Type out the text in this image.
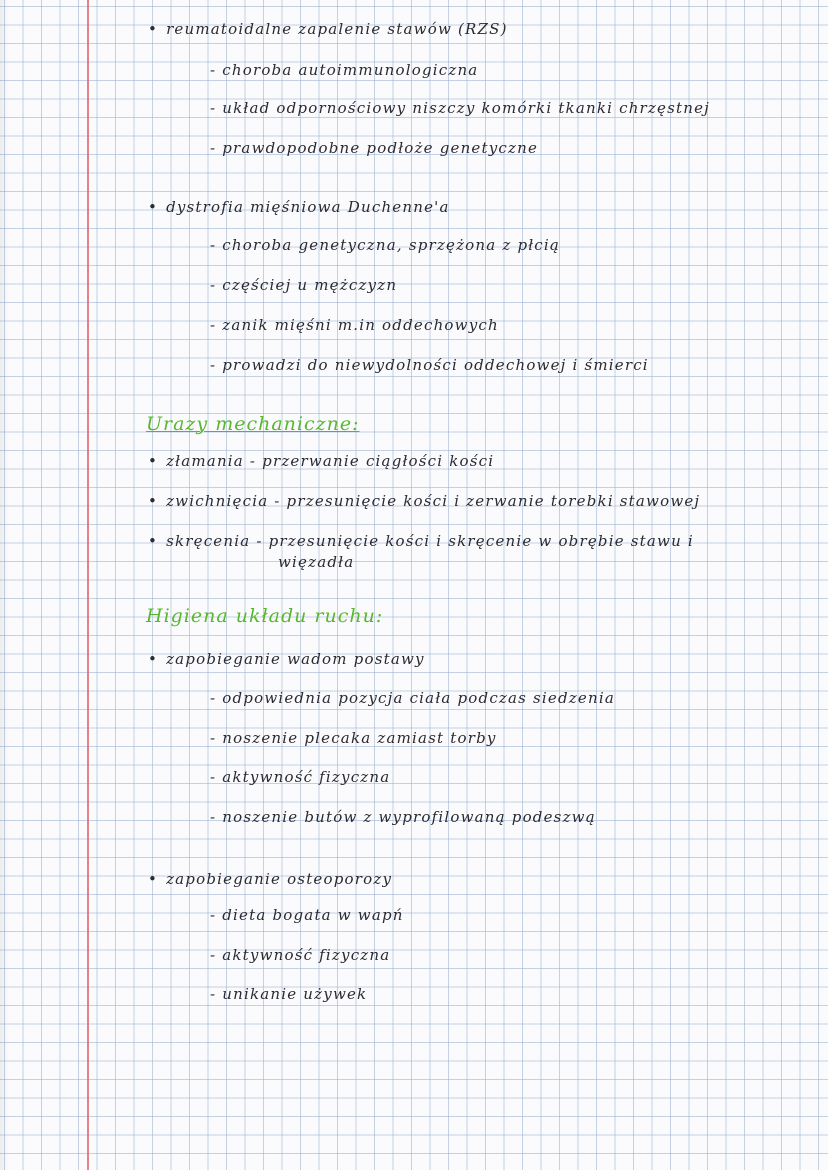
• reumatoidalne zapalenie stawów (RZS)
- choroba autoimmunologiczna
- układ odpornościowy niszczy komórki tkanki chrzęstnej
- prawdopodobne podłoże genetyczne
• dystrofia mięśniowa Duchenne'a
- choroba genetyczna, sprzężona z płcią
- częściej u mężczyzn
- zanik mięśni m.in oddechowych
- prowadzi do niewydolności oddechowej i śmierci
Urazy mechaniczne:
• złamania - przerwanie ciągłości kości
• zwichnięcia - przesunięcie kości i zerwanie torebki stawowej
• skręcenia - przesunięcie kości i skręcenie w obrębie stawu i
więzadła
Higiena układu ruchu:
• zapobieganie wadom postawy
- odpowiednia pozycja ciała podczas siedzenia
- noszenie plecaka zamiast torby
- aktywność fizyczna
- noszenie butów z wyprofilowaną podeszwą
• zapobieganie osteoporozy
- dieta bogata w wapń
- aktywność fizyczna
- unikanie używek
